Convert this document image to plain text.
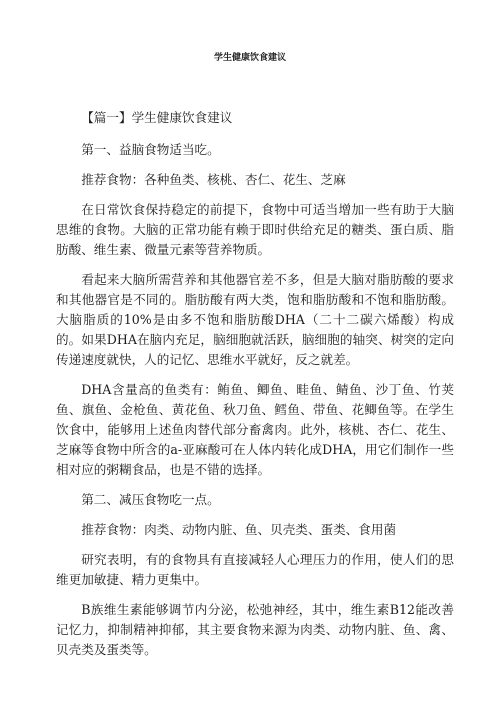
学生健康饮食建议

【篇一】学生健康饮食建议

第一、益脑食物适当吃。

推荐食物：各种鱼类、核桃、杏仁、花生、芝麻

在日常饮食保持稳定的前提下，食物中可适当增加一些有助于大脑思维的食物。大脑的正常功能有赖于即时供给充足的糖类、蛋白质、脂肪酸、维生素、微量元素等营养物质。

看起来大脑所需营养和其他器官差不多，但是大脑对脂肪酸的要求和其他器官是不同的。脂肪酸有两大类，饱和脂肪酸和不饱和脂肪酸。大脑脂质的10%是由多不饱和脂肪酸DHA（二十二碳六烯酸）构成的。如果DHA在脑内充足，脑细胞就活跃，脑细胞的轴突、树突的定向传递速度就快，人的记忆、思维水平就好，反之就差。

DHA含量高的鱼类有：鲔鱼、鲫鱼、畦鱼、鲭鱼、沙丁鱼、竹荚鱼、旗鱼、金枪鱼、黄花鱼、秋刀鱼、鳕鱼、带鱼、花鲫鱼等。在学生饮食中，能够用上述鱼肉替代部分畜禽肉。此外，核桃、杏仁、花生、芝麻等食物中所含的a-亚麻酸可在人体内转化成DHA，用它们制作一些相对应的粥糊食品，也是不错的选择。

第二、减压食物吃一点。

推荐食物：肉类、动物内脏、鱼、贝壳类、蛋类、食用菌

研究表明，有的食物具有直接减轻人心理压力的作用，使人们的思维更加敏捷、精力更集中。

B族维生素能够调节内分泌，松弛神经，其中，维生素B12能改善记忆力，抑制精神抑郁，其主要食物来源为肉类、动物内脏、鱼、禽、贝壳类及蛋类等。
